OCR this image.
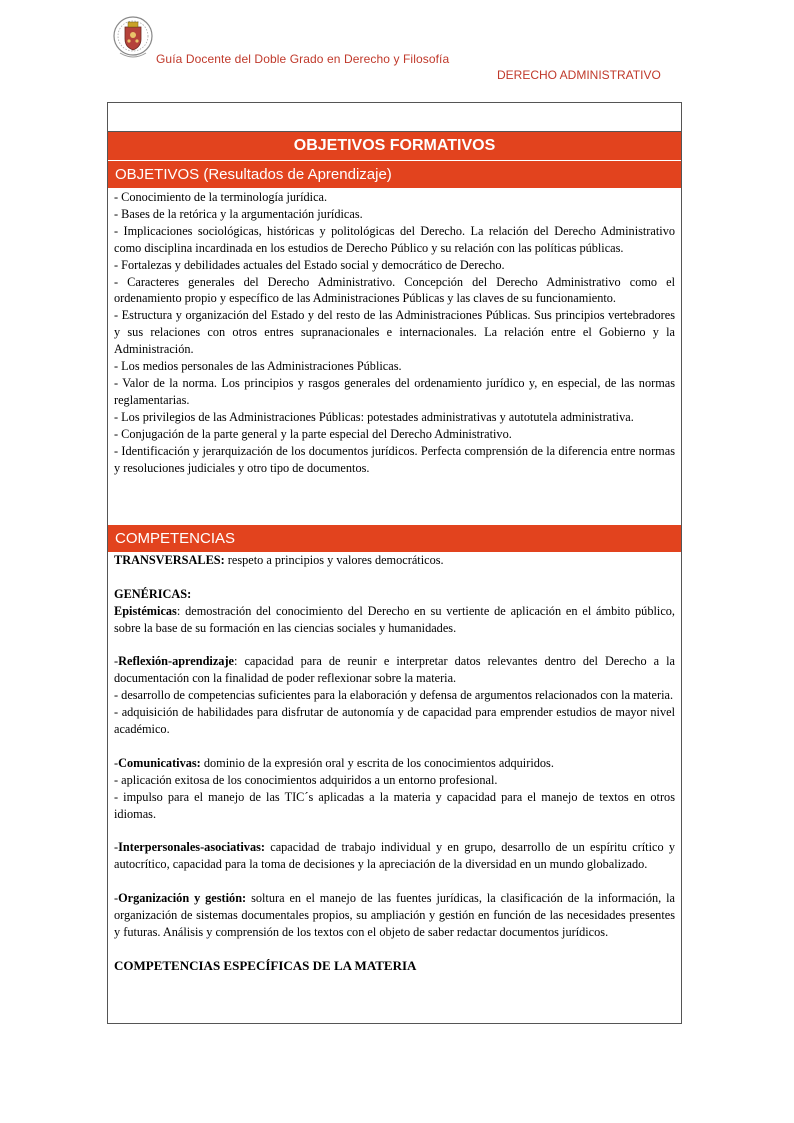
Guía Docente del Doble Grado en Derecho y Filosofía
DERECHO ADMINISTRATIVO
OBJETIVOS FORMATIVOS
OBJETIVOS (Resultados de Aprendizaje)

- Conocimiento de la terminología jurídica.

- Bases de la retórica y la argumentación jurídicas.

- Implicaciones sociológicas, históricas y politológicas del Derecho. La relación del Derecho Administrativo como disciplina incardinada en los estudios de Derecho Público y su relación con las políticas públicas.

- Fortalezas y debilidades actuales del Estado social y democrático de Derecho.

- Caracteres generales del Derecho Administrativo. Concepción del Derecho Administrativo como el ordenamiento propio y específico de las Administraciones Públicas y las claves de su funcionamiento.

- Estructura y organización del Estado y del resto de las Administraciones Públicas. Sus principios vertebradores y sus relaciones con otros entres supranacionales e internacionales. La relación entre el Gobierno y la Administración.

- Los medios personales de las Administraciones Públicas.

- Valor de la norma. Los principios y rasgos generales del ordenamiento jurídico y, en especial, de las normas reglamentarias.

- Los privilegios de las Administraciones Públicas: potestades administrativas y autotutela administrativa.

- Conjugación de la parte general y la parte especial del Derecho Administrativo.

- Identificación y jerarquización de los documentos jurídicos. Perfecta comprensión de la diferencia entre normas y resoluciones judiciales y otro tipo de documentos.

COMPETENCIAS

TRANSVERSALES: respeto a principios y valores democráticos.

GENÉRICAS:

Epistémicas: demostración del conocimiento del Derecho en su vertiente de aplicación en el ámbito público, sobre la base de su formación en las ciencias sociales y humanidades.

-Reflexión-aprendizaje: capacidad para de reunir e interpretar datos relevantes dentro del Derecho a la documentación con la finalidad de poder reflexionar sobre la materia.

- desarrollo de competencias suficientes para la elaboración y defensa de argumentos relacionados con la materia.

- adquisición de habilidades para disfrutar de autonomía y de capacidad para emprender estudios de mayor nivel académico.

-Comunicativas: dominio de la expresión oral y escrita de los conocimientos adquiridos.

- aplicación exitosa de los conocimientos adquiridos a un entorno profesional.

- impulso para el manejo de las TIC´s aplicadas a la materia y capacidad para el manejo de textos en otros idiomas.

-Interpersonales-asociativas: capacidad de trabajo individual y en grupo, desarrollo de un espíritu crítico y autocrítico, capacidad para la toma de decisiones y la apreciación de la diversidad en un mundo globalizado.

-Organización y gestión: soltura en el manejo de las fuentes jurídicas, la clasificación de la información, la organización de sistemas documentales propios, su ampliación y gestión en función de las necesidades presentes y futuras. Análisis y comprensión de los textos con el objeto de saber redactar documentos jurídicos.

COMPETENCIAS ESPECÍFICAS DE LA MATERIA
